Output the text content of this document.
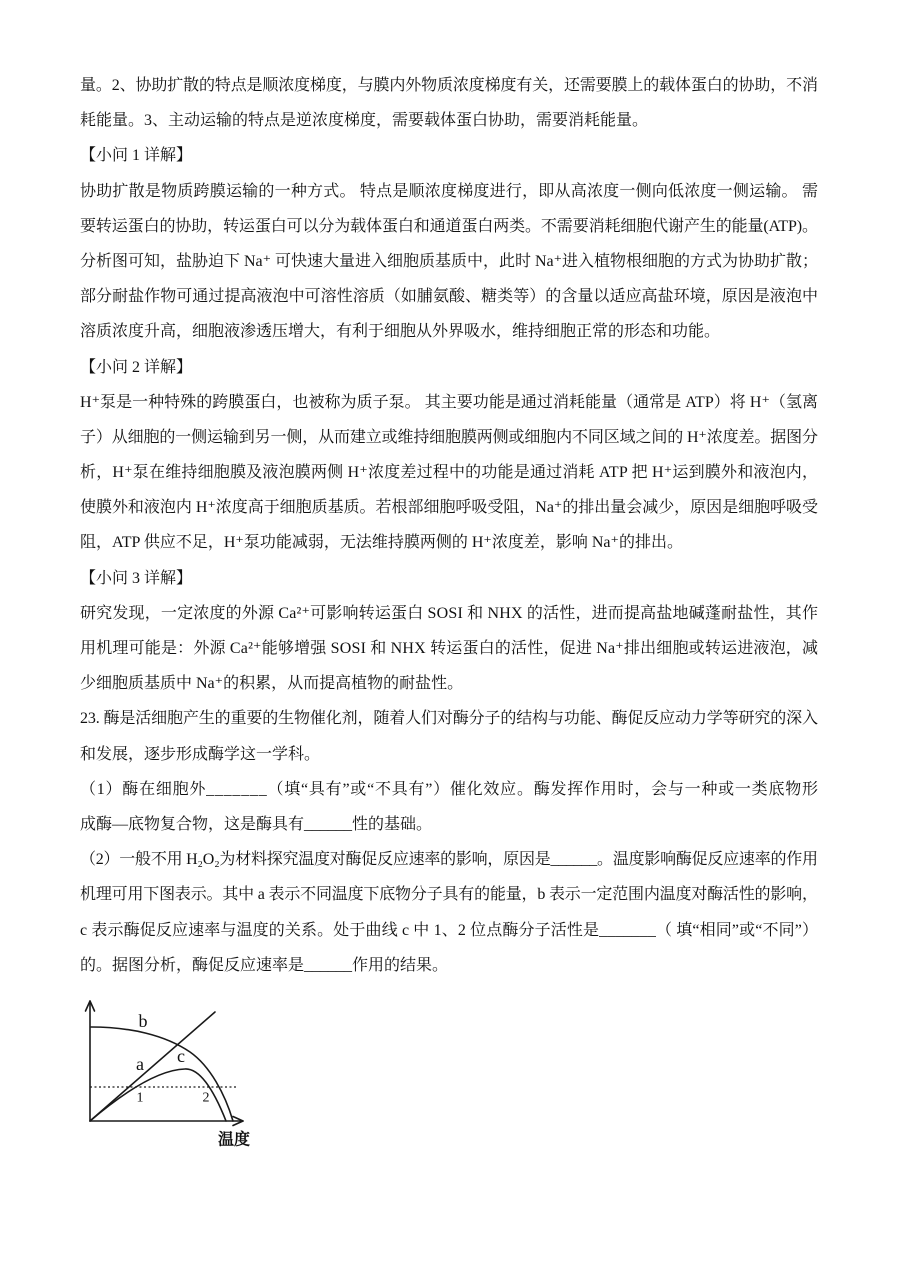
量。2、协助扩散的特点是顺浓度梯度，与膜内外物质浓度梯度有关，还需要膜上的载体蛋白的协助，不消
耗能量。3、主动运输的特点是逆浓度梯度，需要载体蛋白协助，需要消耗能量。
【小问 1 详解】
协助扩散是物质跨膜运输的一种方式。 特点是顺浓度梯度进行，即从高浓度一侧向低浓度一侧运输。 需
要转运蛋白的协助，转运蛋白可以分为载体蛋白和通道蛋白两类。不需要消耗细胞代谢产生的能量(ATP)。
分析图可知，盐胁迫下 Na⁺ 可快速大量进入细胞质基质中，此时 Na⁺进入植物根细胞的方式为协助扩散；
部分耐盐作物可通过提高液泡中可溶性溶质（如脯氨酸、糖类等）的含量以适应高盐环境，原因是液泡中
溶质浓度升高，细胞液渗透压增大，有利于细胞从外界吸水，维持细胞正常的形态和功能。
【小问 2 详解】
H⁺泵是一种特殊的跨膜蛋白，也被称为质子泵。 其主要功能是通过消耗能量（通常是 ATP）将 H⁺（氢离
子）从细胞的一侧运输到另一侧，从而建立或维持细胞膜两侧或细胞内不同区域之间的 H⁺浓度差。据图分
析，H⁺泵在维持细胞膜及液泡膜两侧 H⁺浓度差过程中的功能是通过消耗 ATP 把 H⁺运到膜外和液泡内，
使膜外和液泡内 H⁺浓度高于细胞质基质。若根部细胞呼吸受阻，Na⁺的排出量会减少，原因是细胞呼吸受
阻，ATP 供应不足，H⁺泵功能减弱，无法维持膜两侧的 H⁺浓度差，影响 Na⁺的排出。
【小问 3 详解】
研究发现，一定浓度的外源 Ca²⁺可影响转运蛋白 SOSI 和 NHX 的活性，进而提高盐地碱蓬耐盐性，其作
用机理可能是：外源 Ca²⁺能够增强 SOSI 和 NHX 转运蛋白的活性，促进 Na⁺排出细胞或转运进液泡，减
少细胞质基质中 Na⁺的积累，从而提高植物的耐盐性。
23. 酶是活细胞产生的重要的生物催化剂，随着人们对酶分子的结构与功能、酶促反应动力学等研究的深入
和发展，逐步形成酶学这一学科。
（1）酶在细胞外_______（填“具有”或“不具有”）催化效应。酶发挥作用时，会与一种或一类底物形
成酶—底物复合物，这是酶具有______性的基础。
（2）一般不用 H₂O₂为材料探究温度对酶促反应速率的影响，原因是______。温度影响酶促反应速率的作用
机理可用下图表示。其中 a 表示不同温度下底物分子具有的能量，b 表示一定范围内温度对酶活性的影响，
c 表示酶促反应速率与温度的关系。处于曲线 c 中 1、2 位点酶分子活性是_______（ 填“相同”或“不同”）
的。据图分析，酶促反应速率是______作用的结果。
b
a c
1	2
温度
